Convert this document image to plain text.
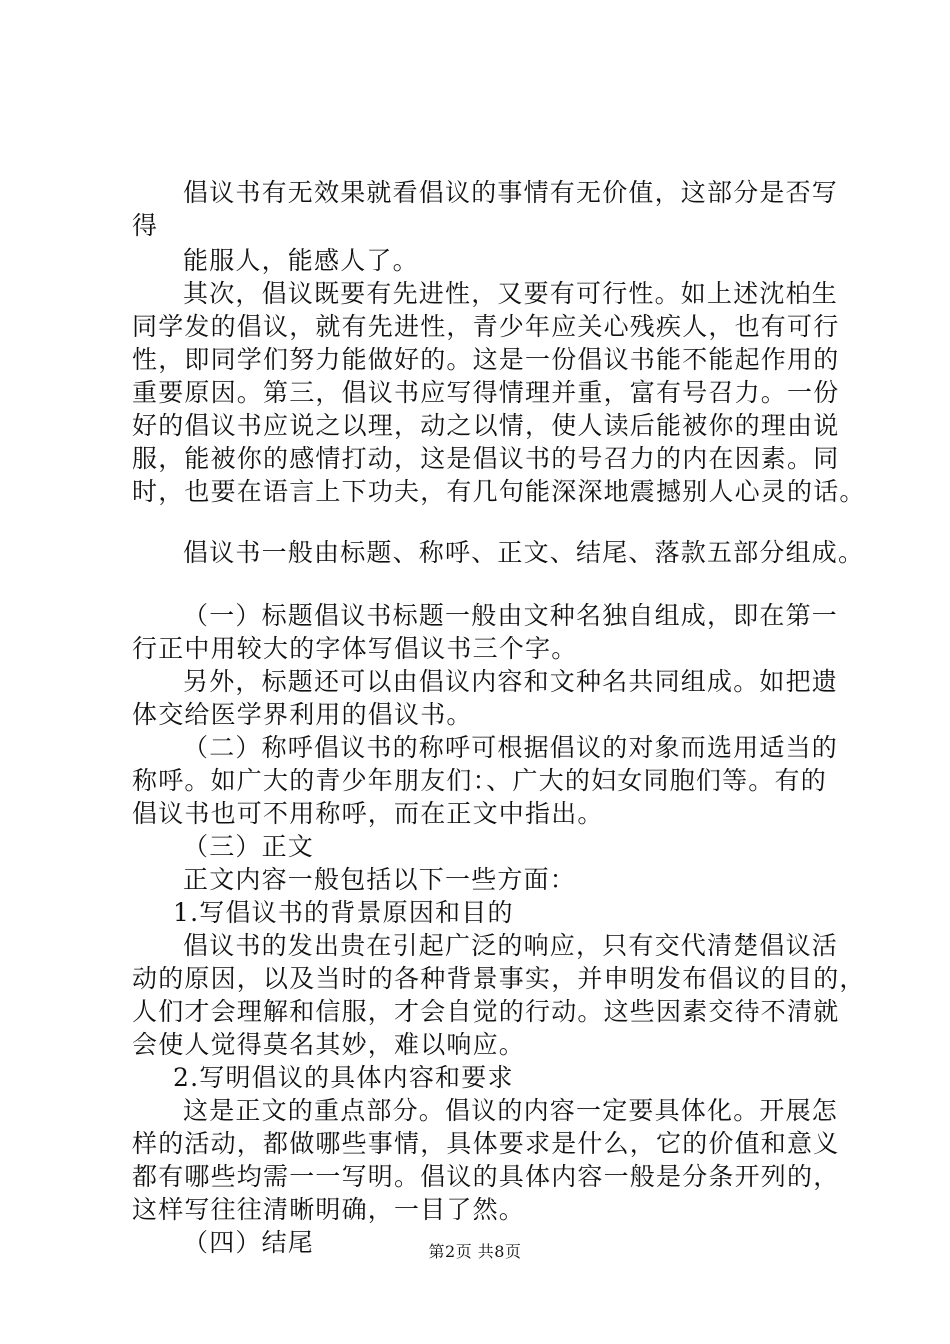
倡议书有无效果就看倡议的事情有无价值，这部分是否写
得
能服人，能感人了。
其次，倡议既要有先进性，又要有可行性。如上述沈柏生
同学发的倡议，就有先进性，青少年应关心残疾人，也有可行
性，即同学们努力能做好的。这是一份倡议书能不能起作用的
重要原因。第三，倡议书应写得情理并重，富有号召力。一份
好的倡议书应说之以理，动之以情，使人读后能被你的理由说
服，能被你的感情打动，这是倡议书的号召力的内在因素。同
时，也要在语言上下功夫，有几句能深深地震撼别人心灵的话。
倡议书一般由标题、称呼、正文、结尾、落款五部分组成。
（一）标题倡议书标题一般由文种名独自组成，即在第一
行正中用较大的字体写倡议书三个字。
另外，标题还可以由倡议内容和文种名共同组成。如把遗
体交给医学界利用的倡议书。
（二）称呼倡议书的称呼可根据倡议的对象而选用适当的
称呼。如广大的青少年朋友们：、广大的妇女同胞们等。有的
倡议书也可不用称呼，而在正文中指出。
（三）正文
正文内容一般包括以下一些方面：
1.写倡议书的背景原因和目的
倡议书的发出贵在引起广泛的响应，只有交代清楚倡议活
动的原因，以及当时的各种背景事实，并申明发布倡议的目的，
人们才会理解和信服，才会自觉的行动。这些因素交待不清就
会使人觉得莫名其妙，难以响应。
2.写明倡议的具体内容和要求
这是正文的重点部分。倡议的内容一定要具体化。开展怎
样的活动，都做哪些事情，具体要求是什么，它的价值和意义
都有哪些均需一一写明。倡议的具体内容一般是分条开列的，
这样写往往清晰明确，一目了然。
（四）结尾	第2页 共8页
